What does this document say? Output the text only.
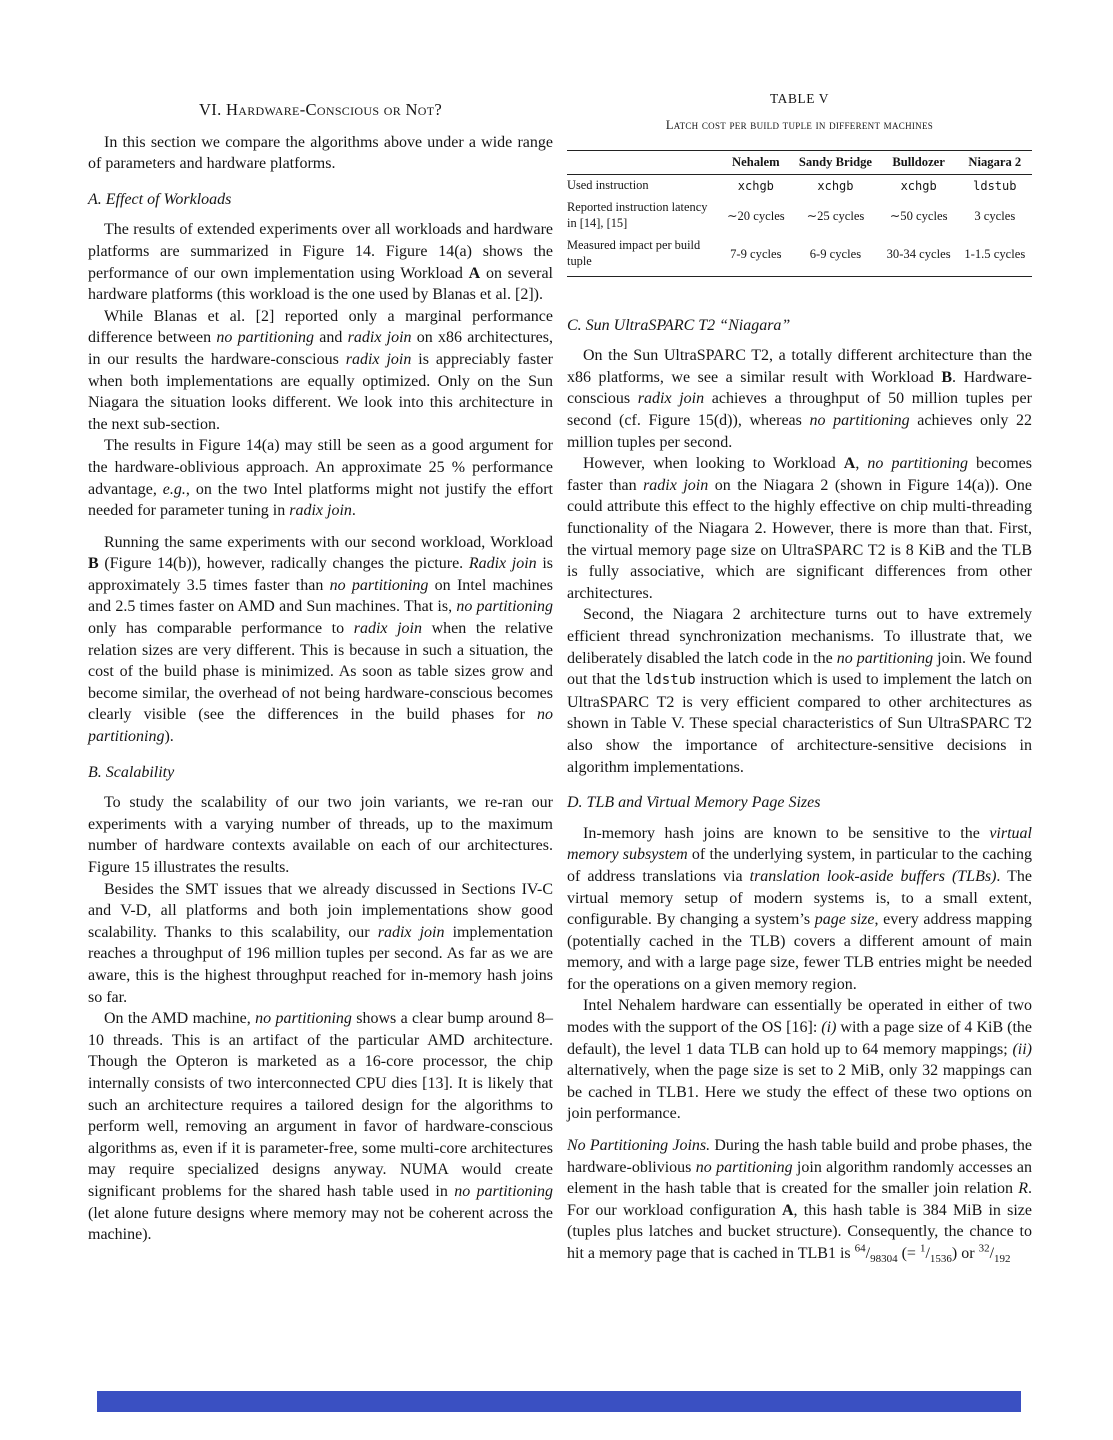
VI. Hardware-Conscious or Not?

In this section we compare the algorithms above under a wide range of parameters and hardware platforms.

A. Effect of Workloads

The results of extended experiments over all workloads and hardware platforms are summarized in Figure 14. Figure 14(a) shows the performance of our own implementation using Workload A on several hardware platforms (this workload is the one used by Blanas et al. [2]).

While Blanas et al. [2] reported only a marginal performance difference between no partitioning and radix join on x86 architectures, in our results the hardware-conscious radix join is appreciably faster when both implementations are equally optimized. Only on the Sun Niagara the situation looks different. We look into this architecture in the next sub-section.

The results in Figure 14(a) may still be seen as a good argument for the hardware-oblivious approach. An approximate 25 % performance advantage, e.g., on the two Intel platforms might not justify the effort needed for parameter tuning in radix join.

Running the same experiments with our second workload, Workload B (Figure 14(b)), however, radically changes the picture. Radix join is approximately 3.5 times faster than no partitioning on Intel machines and 2.5 times faster on AMD and Sun machines. That is, no partitioning only has comparable performance to radix join when the relative relation sizes are very different. This is because in such a situation, the cost of the build phase is minimized. As soon as table sizes grow and become similar, the overhead of not being hardware-conscious becomes clearly visible (see the differences in the build phases for no partitioning).

B. Scalability

To study the scalability of our two join variants, we re-ran our experiments with a varying number of threads, up to the maximum number of hardware contexts available on each of our architectures. Figure 15 illustrates the results.

Besides the SMT issues that we already discussed in Sections IV-C and V-D, all platforms and both join implementations show good scalability. Thanks to this scalability, our radix join implementation reaches a throughput of 196 million tuples per second. As far as we are aware, this is the highest throughput reached for in-memory hash joins so far.

On the AMD machine, no partitioning shows a clear bump around 8–10 threads. This is an artifact of the particular AMD architecture. Though the Opteron is marketed as a 16-core processor, the chip internally consists of two interconnected CPU dies [13]. It is likely that such an architecture requires a tailored design for the algorithms to perform well, removing an argument in favor of hardware-conscious algorithms as, even if it is parameter-free, some multi-core architectures may require specialized designs anyway. NUMA would create significant problems for the shared hash table used in no partitioning (let alone future designs where memory may not be coherent across the machine).

TABLE V
Latch cost per build tuple in different machines
	Nehalem	Sandy Bridge	Bulldozer	Niagara 2
Used instruction	xchgb	xchgb	xchgb	ldstub
Reported instruction latency in [14], [15]	∼20 cycles	∼25 cycles	∼50 cycles	3 cycles
Measured impact per build tuple	7-9 cycles	6-9 cycles	30-34 cycles	1-1.5 cycles
C. Sun UltraSPARC T2 “Niagara”

On the Sun UltraSPARC T2, a totally different architecture than the x86 platforms, we see a similar result with Workload B. Hardware-conscious radix join achieves a throughput of 50 million tuples per second (cf. Figure 15(d)), whereas no partitioning achieves only 22 million tuples per second.

However, when looking to Workload A, no partitioning becomes faster than radix join on the Niagara 2 (shown in Figure 14(a)). One could attribute this effect to the highly effective on chip multi-threading functionality of the Niagara 2. However, there is more than that. First, the virtual memory page size on UltraSPARC T2 is 8 KiB and the TLB is fully associative, which are significant differences from other architectures.

Second, the Niagara 2 architecture turns out to have extremely efficient thread synchronization mechanisms. To illustrate that, we deliberately disabled the latch code in the no partitioning join. We found out that the ldstub instruction which is used to implement the latch on UltraSPARC T2 is very efficient compared to other architectures as shown in Table V. These special characteristics of Sun UltraSPARC T2 also show the importance of architecture-sensitive decisions in algorithm implementations.

D. TLB and Virtual Memory Page Sizes

In-memory hash joins are known to be sensitive to the virtual memory subsystem of the underlying system, in particular to the caching of address translations via translation look-aside buffers (TLBs). The virtual memory setup of modern systems is, to a small extent, configurable. By changing a system’s page size, every address mapping (potentially cached in the TLB) covers a different amount of main memory, and with a large page size, fewer TLB entries might be needed for the operations on a given memory region.

Intel Nehalem hardware can essentially be operated in either of two modes with the support of the OS [16]: (i) with a page size of 4 KiB (the default), the level 1 data TLB can hold up to 64 memory mappings; (ii) alternatively, when the page size is set to 2 MiB, only 32 mappings can be cached in TLB1. Here we study the effect of these two options on join performance.

No Partitioning Joins. During the hash table build and probe phases, the hardware-oblivious no partitioning join algorithm randomly accesses an element in the hash table that is created for the smaller join relation R. For our workload configuration A, this hash table is 384 MiB in size (tuples plus latches and bucket structure). Consequently, the chance to hit a memory page that is cached in TLB1 is $^{64}/_{98304}$ (= $^1/_{1536}$) or $^{32}/_{192}$
